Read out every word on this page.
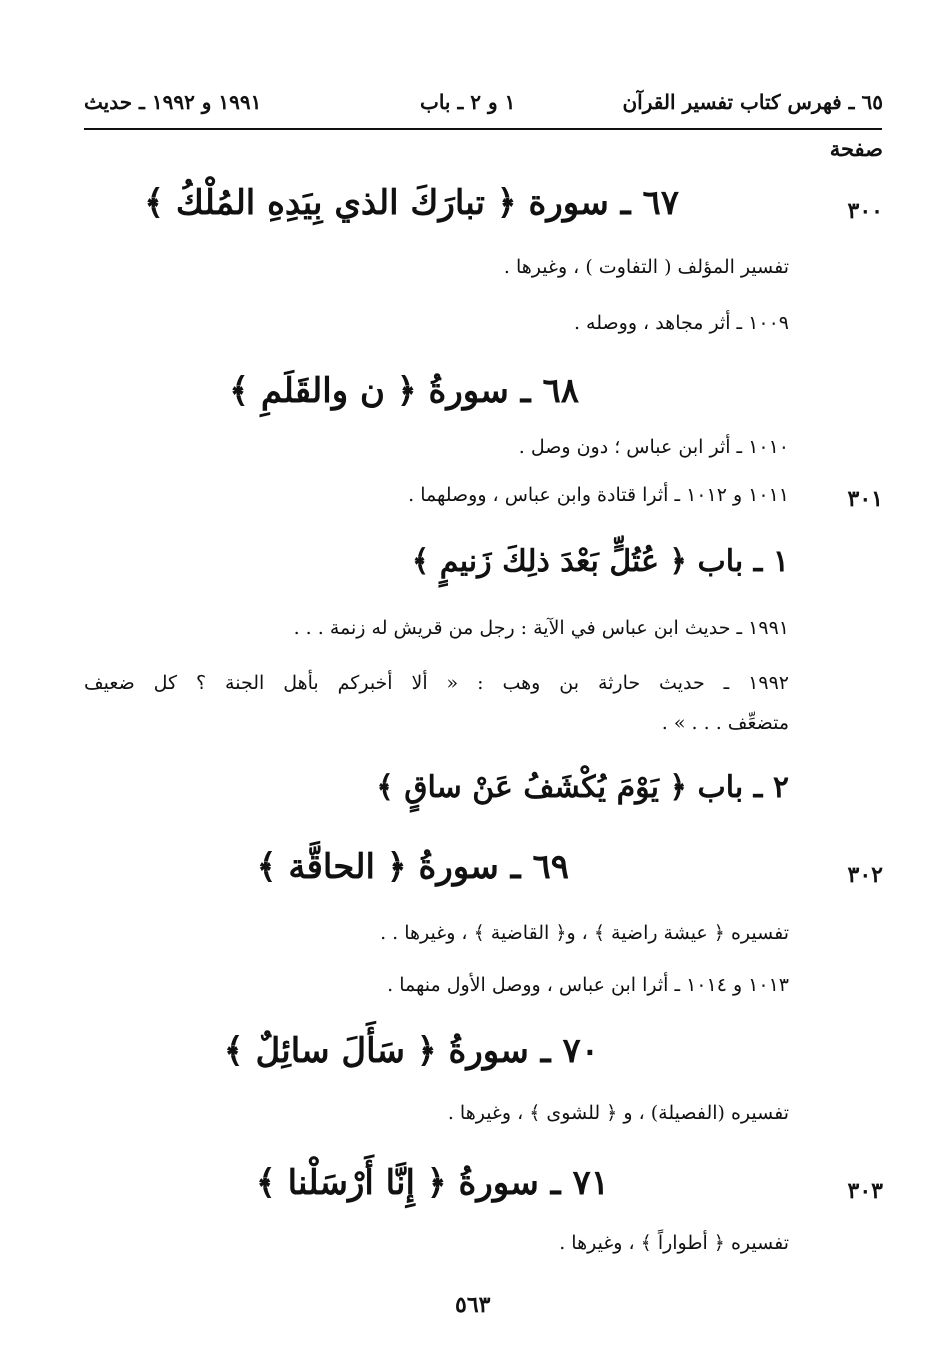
٦٥ ـ فهرس كتاب تفسير القرآن
١ و ٢ ـ باب
١٩٩١ و ١٩٩٢ ـ حديث
صفحة
٣٠٠
٦٧ ـ سورة ﴿ تبارَكَ الذي بِيَدِهِ المُلْكُ ﴾
تفسير المؤلف ( التفاوت ) ، وغيرها .
١٠٠٩ ـ أثر مجاهد ، ووصله .
٦٨ ـ سورةُ ﴿ ن والقَلَمِ ﴾
١٠١٠ ـ أثر ابن عباس ؛ دون وصل .
٣٠١
١٠١١ و ١٠١٢ ـ أثرا قتادة وابن عباس ، ووصلهما .
١ ـ باب ﴿ عُتُلٍّ بَعْدَ ذلِكَ زَنيمٍ ﴾
١٩٩١ ـ حديث ابن عباس في الآية : رجل من قريش له زنمة . . .
١٩٩٢ ـ حديث حارثة بن وهب : « ألا أخبركم بأهل الجنة ؟ كل ضعيف
متضعِّف . . . » .
٢ ـ باب ﴿ يَوْمَ يُكْشَفُ عَنْ ساقٍ ﴾
٣٠٢
٦٩ ـ سورةُ ﴿ الحاقَّة ﴾
تفسيره ﴿ عيشة راضية ﴾ ، و﴿ القاضية ﴾ ، وغيرها . .
١٠١٣ و ١٠١٤ ـ أثرا ابن عباس ، ووصل الأول منهما .
٧٠ ـ سورةُ ﴿ سَأَلَ سائِلٌ ﴾
تفسيره (الفصيلة) ، و ﴿ للشوى ﴾ ، وغيرها .
٣٠٣
٧١ ـ سورةُ ﴿ إِنَّا أَرْسَلْنا ﴾
تفسيره ﴿ أطواراً ﴾ ، وغيرها .
٥٦٣
